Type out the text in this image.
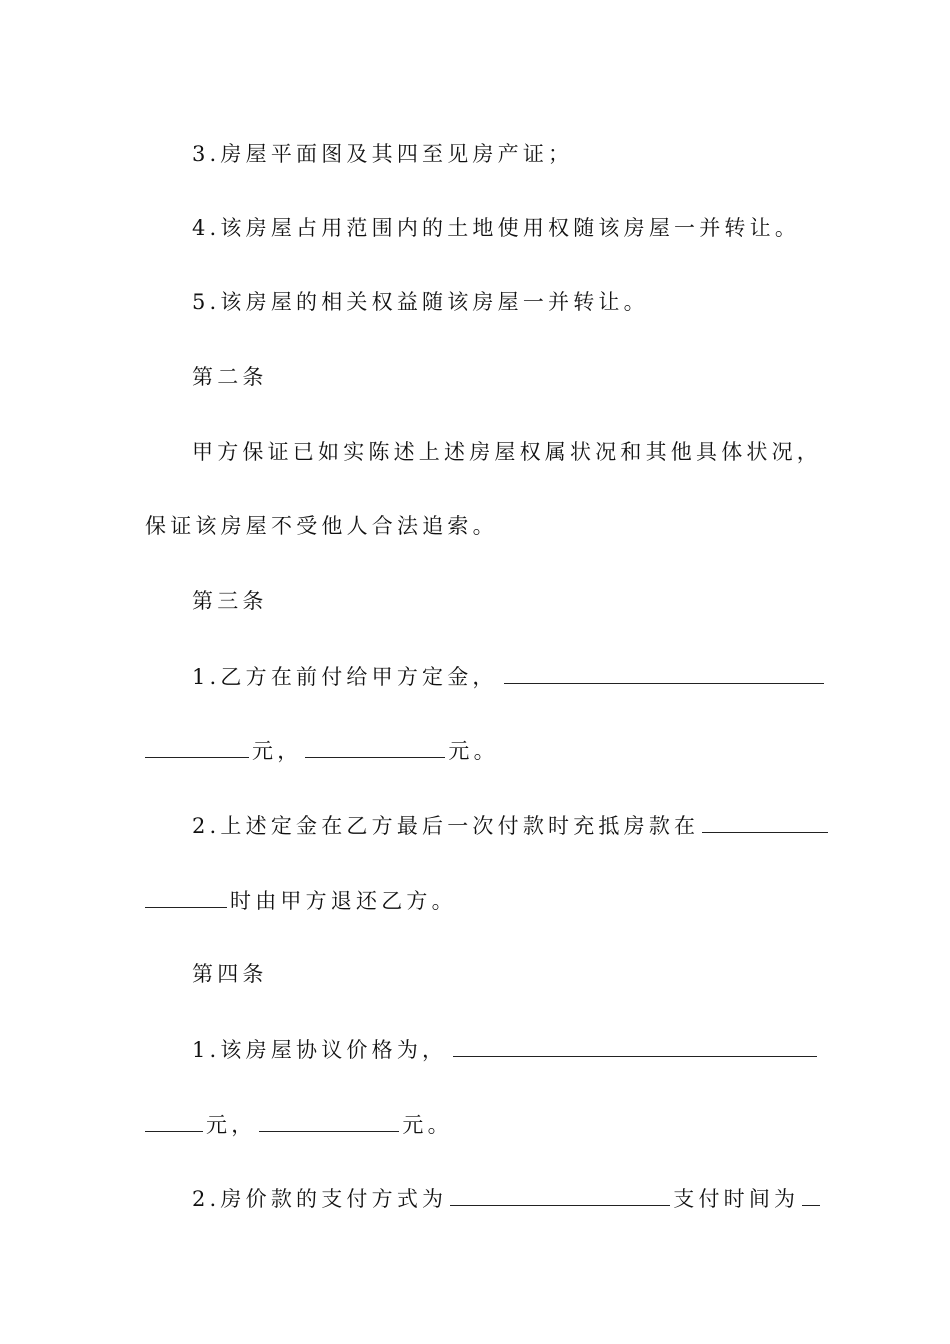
3.房屋平面图及其四至见房产证；
4.该房屋占用范围内的土地使用权随该房屋一并转让。
5.该房屋的相关权益随该房屋一并转让。
第二条
甲方保证已如实陈述上述房屋权属状况和其他具体状况，
保证该房屋不受他人合法追索。
第三条
1.乙方在前付给甲方定金，
元，	元。
2.上述定金在乙方最后一次付款时充抵房款在
时由甲方退还乙方。
第四条
1.该房屋协议价格为，
元，	元。
2.房价款的支付方式为	支付时间为
